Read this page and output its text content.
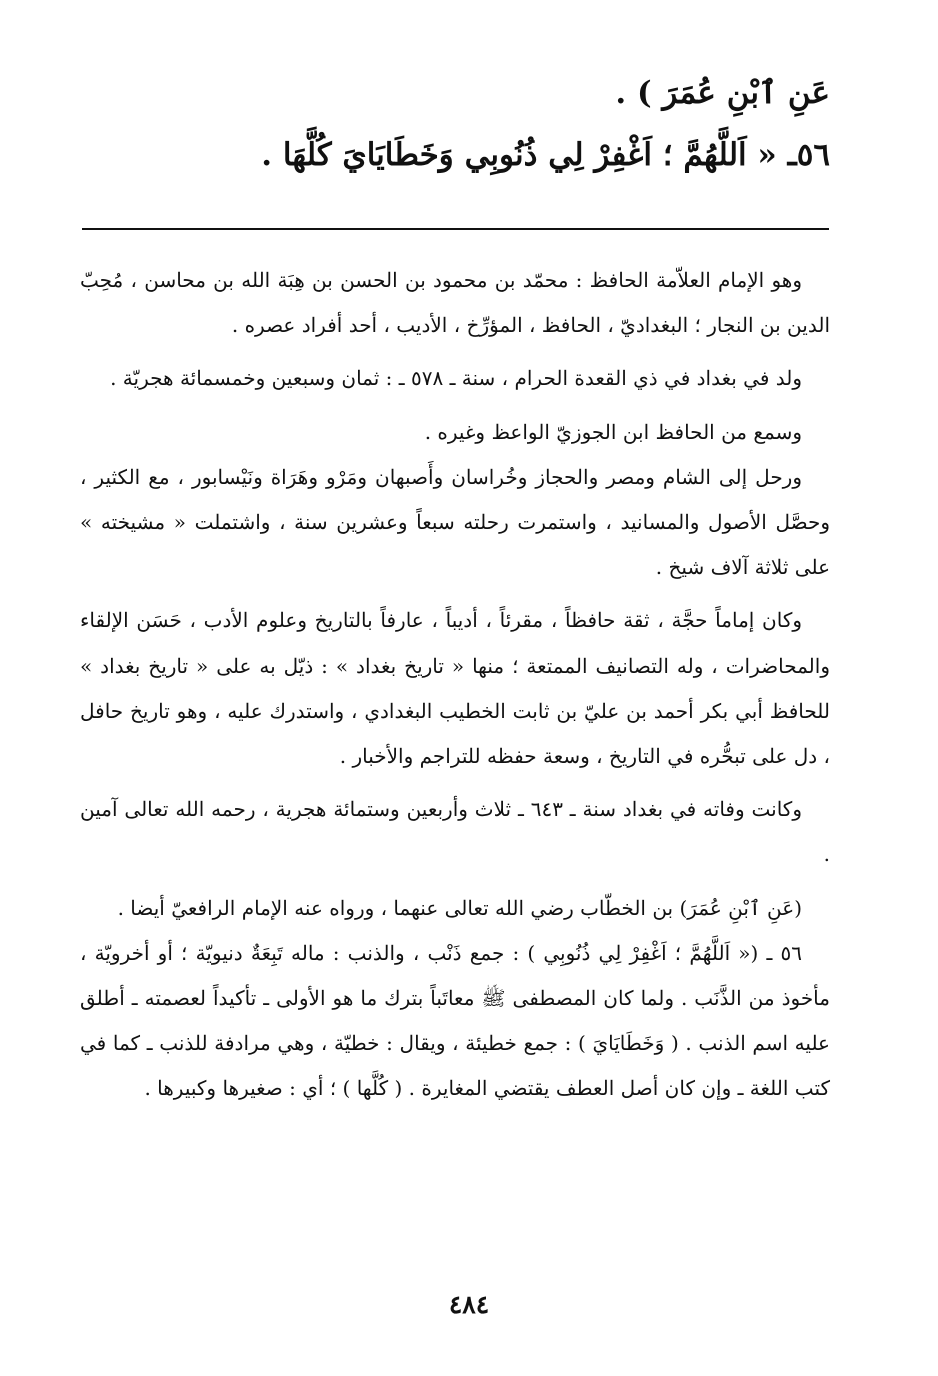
عَنِ ٱبْنِ عُمَرَ ) .
٥٦ـ « اَللَّهُمَّ ؛ اَغْفِرْ لِي ذُنُوبِي وَخَطَايَايَ كُلَّهَا .

وهو الإمام العلاّمة الحافظ : محمّد بن محمود بن الحسن بن هِبَة الله بن محاسن ، مُحِبّ الدين بن النجار ؛ البغداديّ ، الحافظ ، المؤرِّخ ، الأديب ، أحد أفراد عصره .

ولد في بغداد في ذي القعدة الحرام ، سنة ـ ٥٧٨ ـ : ثمان وسبعين وخمسمائة هجريّة .

وسمع من الحافظ ابن الجوزيّ الواعظ وغيره .

ورحل إلى الشام ومصر والحجاز وخُراسان وأَصبهان ومَرْو وهَرَاة ونَيْسابور ، مع الكثير ، وحصَّل الأصول والمسانيد ، واستمرت رحلته سبعاً وعشرين سنة ، واشتملت « مشيخته » على ثلاثة آلاف شيخ .

وكان إماماً حجَّة ، ثقة حافظاً ، مقرئاً ، أديباً ، عارفاً بالتاريخ وعلوم الأدب ، حَسَن الإلقاء والمحاضرات ، وله التصانيف الممتعة ؛ منها « تاريخ بغداد » : ذيّل به على « تاريخ بغداد » للحافظ أبي بكر أحمد بن عليّ بن ثابت الخطيب البغدادي ، واستدرك عليه ، وهو تاريخ حافل ، دل على تبحُّره في التاريخ ، وسعة حفظه للتراجم والأخبار .

وكانت وفاته في بغداد سنة ـ ٦٤٣ ـ ثلاث وأربعين وستمائة هجرية ، رحمه الله تعالى آمين .

(عَنِ ٱبْنِ عُمَرَ) بن الخطّاب رضي الله تعالى عنهما ، ورواه عنه الإمام الرافعيّ أيضا .

٥٦ ـ (« اَللَّهُمَّ ؛ اَغْفِرْ لِي ذُنُوبِي ) : جمع ذَنْب ، والذنب : ماله تَبِعَةٌ دنيويّة ؛ أو أخرويّة ، مأخوذ من الذَّنَب . ولما كان المصطفى ﷺ معاتَباً بترك ما هو الأولى ـ تأكيداً لعصمته ـ أطلق عليه اسم الذنب . ( وَخَطَايَايَ ) : جمع خطيئة ، ويقال : خطيّة ، وهي مرادفة للذنب ـ كما في كتب اللغة ـ وإن كان أصل العطف يقتضي المغايرة . ( كُلَّها ) ؛ أي : صغيرها وكبيرها .

٤٨٤
